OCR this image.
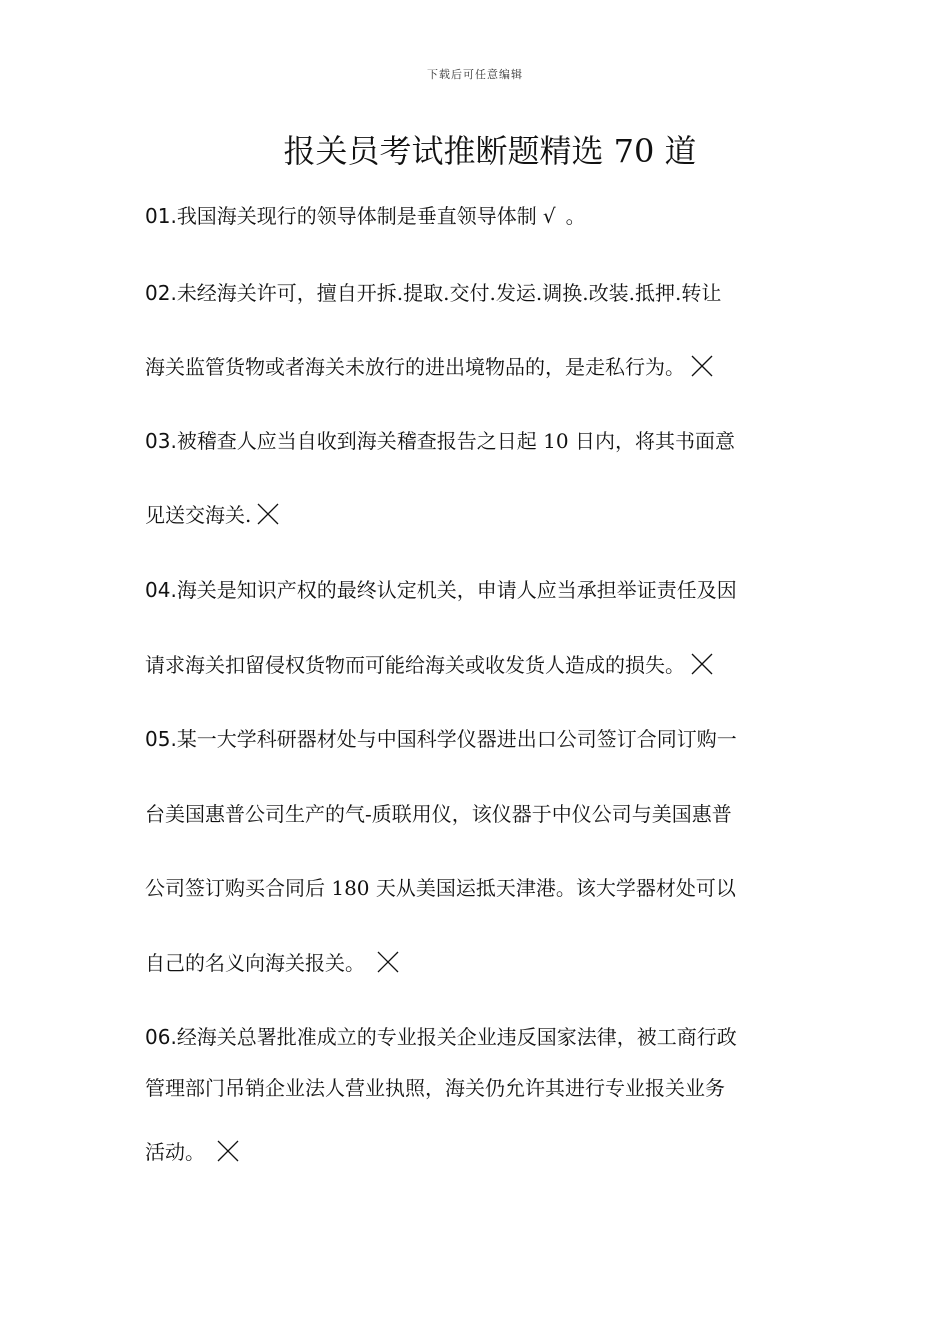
下载后可任意编辑
报关员考试推断题精选 70 道
01.我国海关现行的领导体制是垂直领导体制 √ 。
02.未经海关许可，擅自开拆.提取.交付.发运.调换.改装.抵押.转让
海关监管货物或者海关未放行的进出境物品的，是走私行为。
03.被稽查人应当自收到海关稽查报告之日起 10 日内，将其书面意
见送交海关.
04.海关是知识产权的最终认定机关，申请人应当承担举证责任及因
请求海关扣留侵权货物而可能给海关或收发货人造成的损失。
05.某一大学科研器材处与中国科学仪器进出口公司签订合同订购一
台美国惠普公司生产的气-质联用仪，该仪器于中仪公司与美国惠普
公司签订购买合同后 180 天从美国运抵天津港。该大学器材处可以
自己的名义向海关报关。
06.经海关总署批准成立的专业报关企业违反国家法律，被工商行政
管理部门吊销企业法人营业执照，海关仍允许其进行专业报关业务
活动。
